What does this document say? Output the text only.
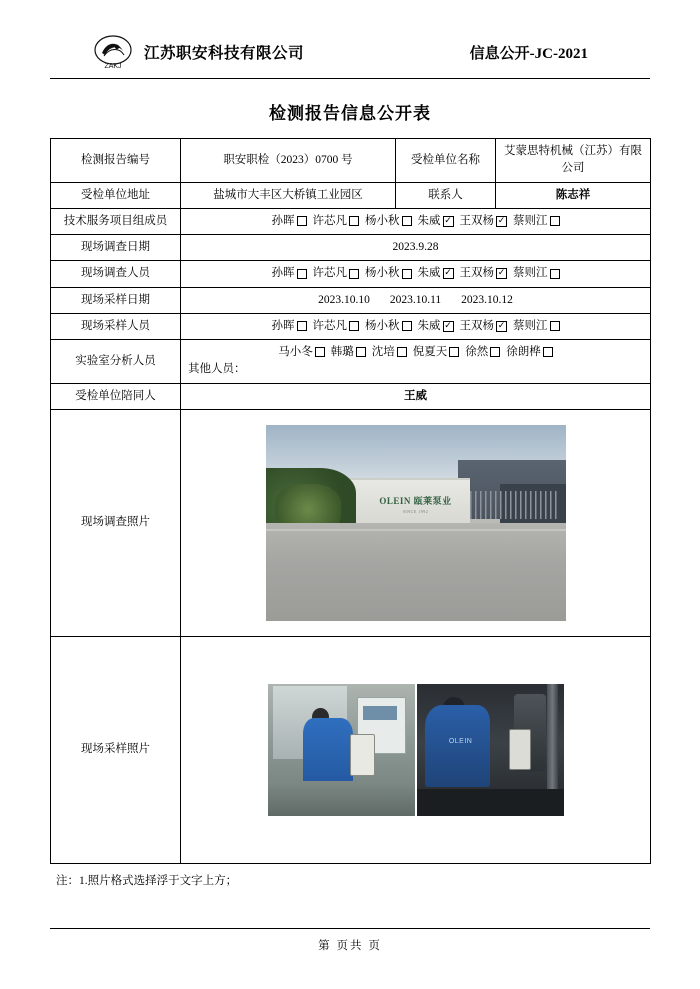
ZAKJ
江苏职安科技有限公司	信息公开-JC-2021
检测报告信息公开表
检测报告编号	职安职检（2023）0700 号	受检单位名称	艾蒙思特机械（江苏）有限公司
受检单位地址	盐城市大丰区大桥镇工业园区	联系人	陈志祥
技术服务项目组成员	孙晖 许芯凡 杨小秋 朱威 ✓ 王双杨 ✓ 蔡则江
现场调查日期	2023.9.28		
现场调查人员	孙晖 许芯凡 杨小秋 朱威 ✓ 王双杨 ✓ 蔡则江
现场采样日期	2023.10.10 2023.10.11 2023.10.12		
现场采样人员	孙晖 许芯凡 杨小秋 朱威 ✓ 王双杨 ✓ 蔡则江
实验室分析人员	马小冬 韩璐 沈培 倪夏天 徐然 徐朗桦
其他人员：		

受检单位陪同人	王威		
现场调查照片	OLEIN 瓯莱泵业
SINCE 1992		

现场采样照片	OLEIN		
注：1.照片格式选择浮于文字上方；
第 页共 页
